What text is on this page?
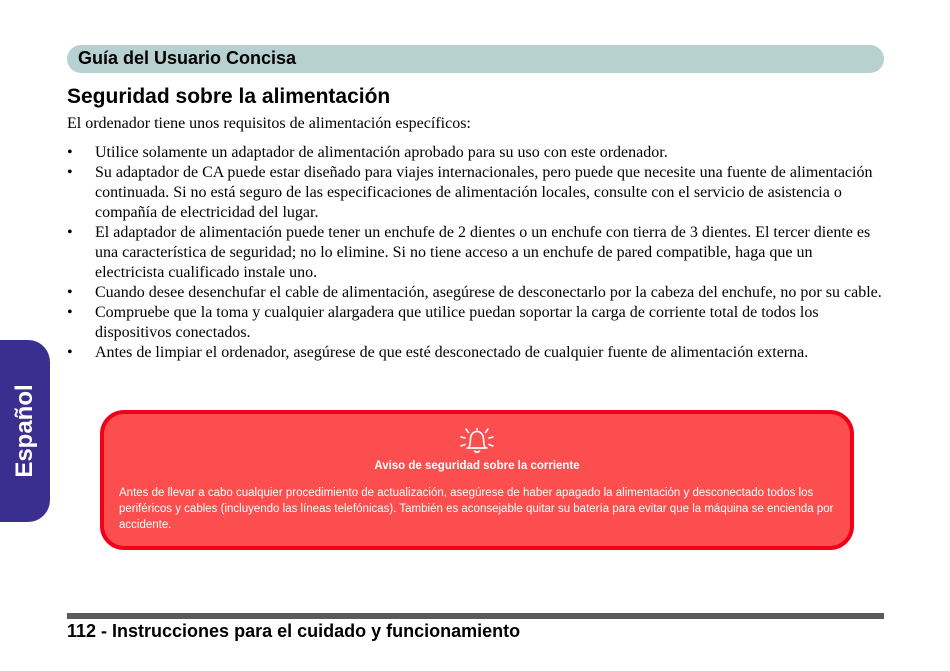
Guía del Usuario Concisa
Seguridad sobre la alimentación

El ordenador tiene unos requisitos de alimentación específicos:

• Utilice solamente un adaptador de alimentación aprobado para su uso con este ordenador.
• Su adaptador de CA puede estar diseñado para viajes internacionales, pero puede que necesite una fuente de alimentación continuada. Si no está seguro de las especificaciones de alimentación locales, consulte con el servicio de asistencia o compañía de electricidad del lugar.
• El adaptador de alimentación puede tener un enchufe de 2 dientes o un enchufe con tierra de 3 dientes. El tercer diente es una característica de seguridad; no lo elimine. Si no tiene acceso a un enchufe de pared compatible, haga que un electricista cualificado instale uno.
• Cuando desee desenchufar el cable de alimentación, asegúrese de desconectarlo por la cabeza del enchufe, no por su cable.
• Compruebe que la toma y cualquier alargadera que utilice puedan soportar la carga de corriente total de todos los dispositivos conectados.
• Antes de limpiar el ordenador, asegúrese de que esté desconectado de cualquier fuente de alimentación externa.
Español	Aviso de seguridad sobre la corriente

Antes de llevar a cabo cualquier procedimiento de actualización, asegúrese de haber apagado la alimentación y desconectado todos los periféricos y cables (incluyendo las líneas telefónicas). También es aconsejable quitar su batería para evitar que la máquina se encienda por accidente.

112 - Instrucciones para el cuidado y funcionamiento
